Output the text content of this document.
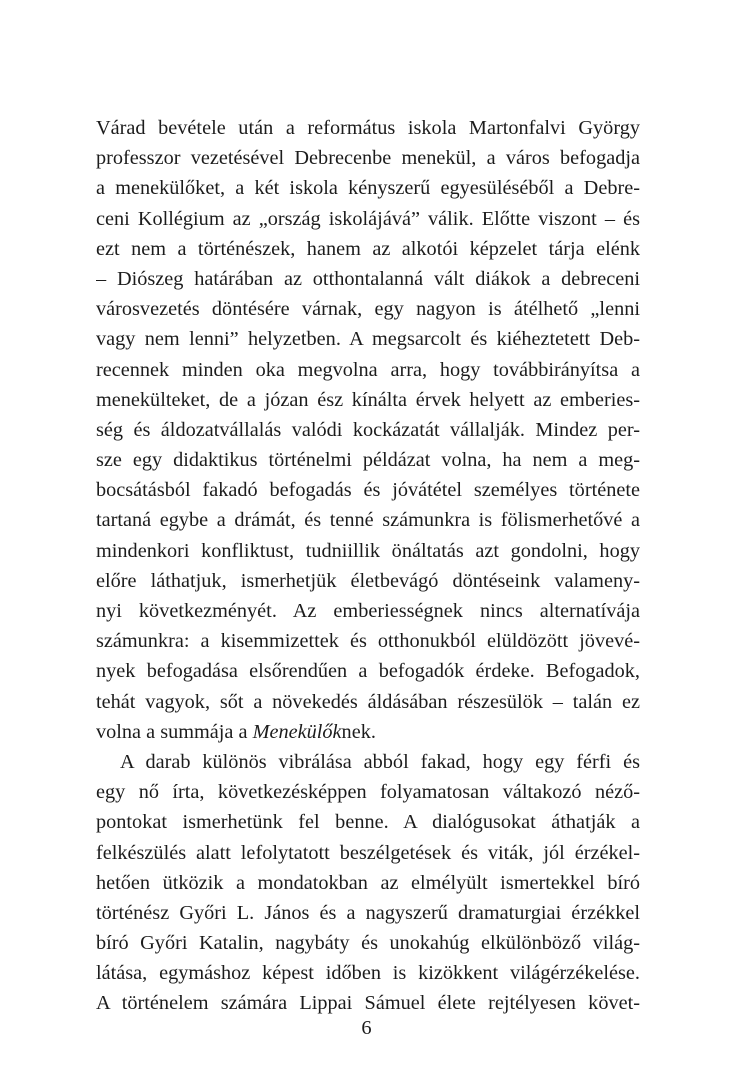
Várad bevétele után a református iskola Martonfalvi György
professzor vezetésével Debrecenbe menekül, a város befogadja
a menekülőket, a két iskola kényszerű egyesüléséből a Debre-
ceni Kollégium az „ország iskolájává” válik. Előtte viszont – és
ezt nem a történészek, hanem az alkotói képzelet tárja elénk
– Diószeg határában az otthontalanná vált diákok a debreceni
városvezetés döntésére várnak, egy nagyon is átélhető „lenni
vagy nem lenni” helyzetben. A megsarcolt és kiéheztetett Deb-
recennek minden oka megvolna arra, hogy továbbirányítsa a
menekülteket, de a józan ész kínálta érvek helyett az emberies-
ség és áldozatvállalás valódi kockázatát vállalják. Mindez per-
sze egy didaktikus történelmi példázat volna, ha nem a meg-
bocsátásból fakadó befogadás és jóvátétel személyes története
tartaná egybe a drámát, és tenné számunkra is fölismerhetővé a
mindenkori konfliktust, tudniillik önáltatás azt gondolni, hogy
előre láthatjuk, ismerhetjük életbevágó döntéseink valameny-
nyi következményét. Az emberiességnek nincs alternatívája
számunkra: a kisemmizettek és otthonukból elüldözött jövevé-
nyek befogadása elsőrendűen a befogadók érdeke. Befogadok,
tehát vagyok, sőt a növekedés áldásában részesülök – talán ez
volna a summája a Menekülőknek.
A darab különös vibrálása abból fakad, hogy egy férfi és
egy nő írta, következésképpen folyamatosan váltakozó néző-
pontokat ismerhetünk fel benne. A dialógusokat áthatják a
felkészülés alatt lefolytatott beszélgetések és viták, jól érzékel-
hetően ütközik a mondatokban az elmélyült ismertekkel bíró
történész Győri L. János és a nagyszerű dramaturgiai érzékkel
bíró Győri Katalin, nagybáty és unokahúg elkülönböző világ-
látása, egymáshoz képest időben is kizökkent világérzékelése.
A történelem számára Lippai Sámuel élete rejtélyesen követ-
6
